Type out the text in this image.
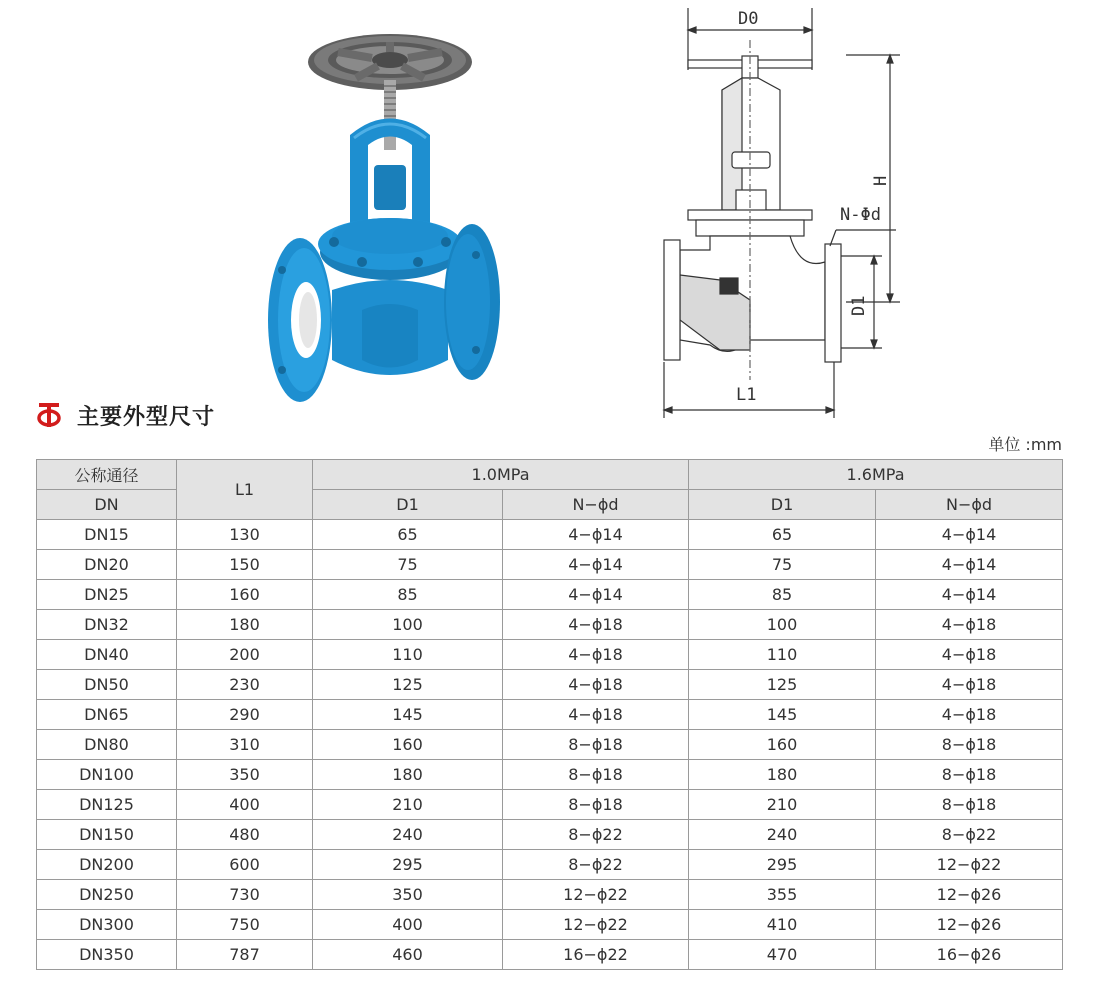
D0
H
N-Φd
D1
L1
主要外型尺寸
单位 :mm
公称通径	L1	1.0MPa		1.6MPa	
DN		D1	N−ϕd	D1	N−ϕd
DN15	130	65	4−ϕ14	65	4−ϕ14
DN20	150	75	4−ϕ14	75	4−ϕ14
DN25	160	85	4−ϕ14	85	4−ϕ14
DN32	180	100	4−ϕ18	100	4−ϕ18
DN40	200	110	4−ϕ18	110	4−ϕ18
DN50	230	125	4−ϕ18	125	4−ϕ18
DN65	290	145	4−ϕ18	145	4−ϕ18
DN80	310	160	8−ϕ18	160	8−ϕ18
DN100	350	180	8−ϕ18	180	8−ϕ18
DN125	400	210	8−ϕ18	210	8−ϕ18
DN150	480	240	8−ϕ22	240	8−ϕ22
DN200	600	295	8−ϕ22	295	12−ϕ22
DN250	730	350	12−ϕ22	355	12−ϕ26
DN300	750	400	12−ϕ22	410	12−ϕ26
DN350	787	460	16−ϕ22	470	16−ϕ26
